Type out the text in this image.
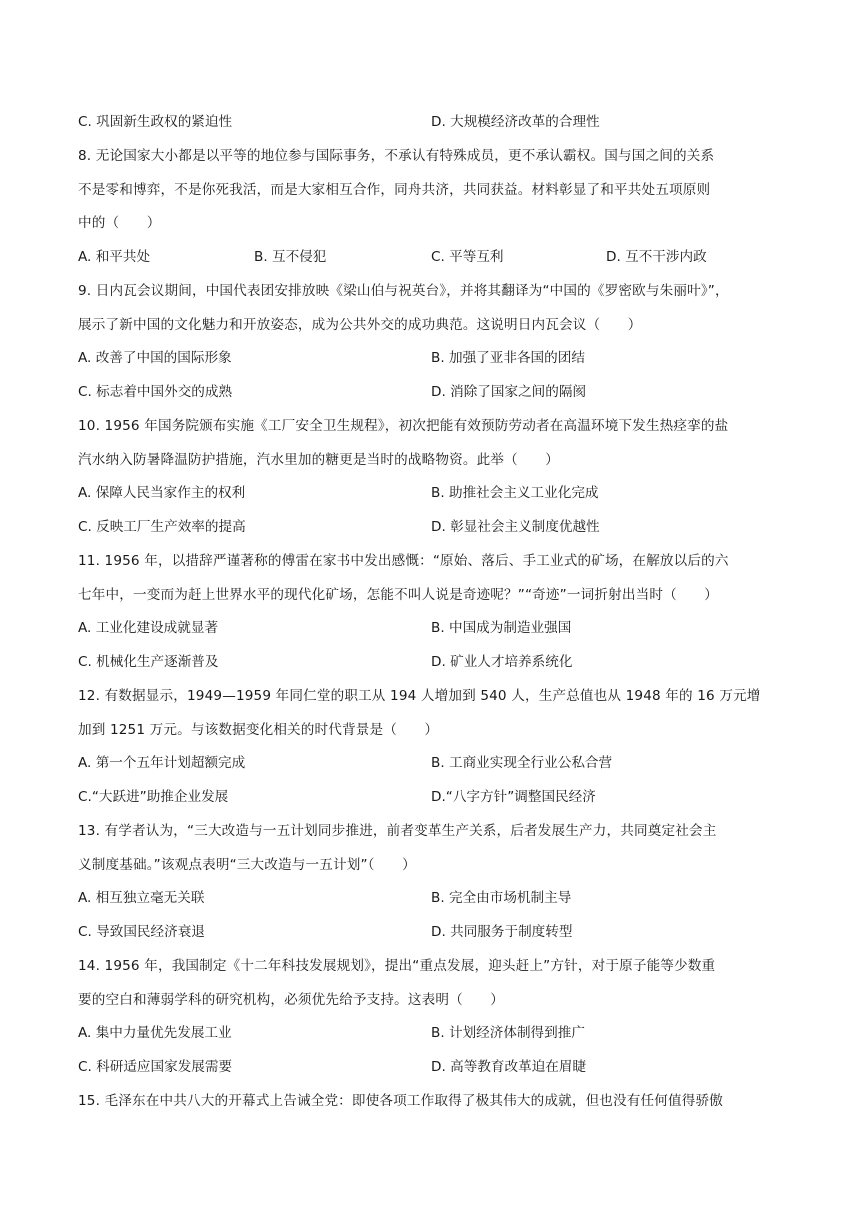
C. 巩固新生政权的紧迫性	D. 大规模经济改革的合理性
8. 无论国家大小都是以平等的地位参与国际事务，不承认有特殊成员，更不承认霸权。国与国之间的关系
不是零和博弈，不是你死我活，而是大家相互合作，同舟共济，共同获益。材料彰显了和平共处五项原则
中的（　　）
A. 和平共处	B. 互不侵犯	C. 平等互利	D. 互不干涉内政
9. 日内瓦会议期间，中国代表团安排放映《梁山伯与祝英台》，并将其翻译为“中国的《罗密欧与朱丽叶》”，
展示了新中国的文化魅力和开放姿态，成为公共外交的成功典范。这说明日内瓦会议（　　）
A. 改善了中国的国际形象	B. 加强了亚非各国的团结
C. 标志着中国外交的成熟	D. 消除了国家之间的隔阂
10. 1956 年国务院颁布实施《工厂安全卫生规程》，初次把能有效预防劳动者在高温环境下发生热痉挛的盐
汽水纳入防暑降温防护措施，汽水里加的糖更是当时的战略物资。此举（　　）
A. 保障人民当家作主的权利	B. 助推社会主义工业化完成
C. 反映工厂生产效率的提高	D. 彰显社会主义制度优越性
11. 1956 年，以措辞严谨著称的傅雷在家书中发出感慨：“原始、落后、手工业式的矿场，在解放以后的六
七年中，一变而为赶上世界水平的现代化矿场，怎能不叫人说是奇迹呢？”“奇迹”一词折射出当时（　　）
A. 工业化建设成就显著	B. 中国成为制造业强国
C. 机械化生产逐渐普及	D. 矿业人才培养系统化
12. 有数据显示，1949—1959 年同仁堂的职工从 194 人增加到 540 人，生产总值也从 1948 年的 16 万元增
加到 1251 万元。与该数据变化相关的时代背景是（　　）
A. 第一个五年计划超额完成	B. 工商业实现全行业公私合营
C.“大跃进”助推企业发展	D.“八字方针”调整国民经济
13. 有学者认为，“三大改造与一五计划同步推进，前者变革生产关系，后者发展生产力，共同奠定社会主
义制度基础。”该观点表明“三大改造与一五计划”（　　）
A. 相互独立毫无关联	B. 完全由市场机制主导
C. 导致国民经济衰退	D. 共同服务于制度转型
14. 1956 年，我国制定《十二年科技发展规划》，提出“重点发展，迎头赶上”方针，对于原子能等少数重
要的空白和薄弱学科的研究机构，必须优先给予支持。这表明（　　）
A. 集中力量优先发展工业	B. 计划经济体制得到推广
C. 科研适应国家发展需要	D. 高等教育改革迫在眉睫
15. 毛泽东在中共八大的开幕式上告诫全党：即使各项工作取得了极其伟大的成就，但也没有任何值得骄傲
